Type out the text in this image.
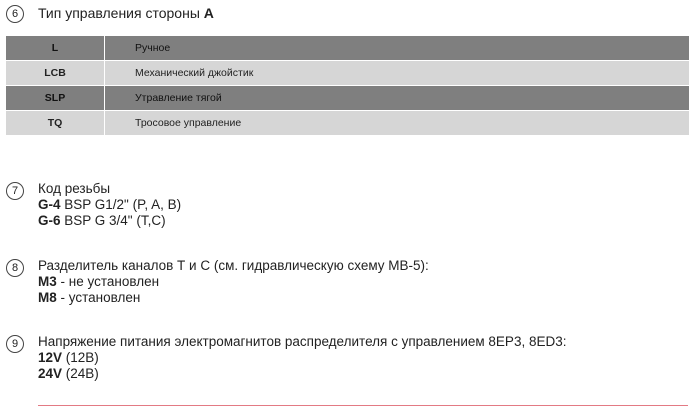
6	Тип управления стороны A
L	Ручное
LCB	Механический джойстик
SLP	Утравление тягой
TQ	Тросовое управление
7	Код резьбы
G-4 BSP G1/2" (P, A, B)
G-6 BSP G 3/4" (T,C)
8	Разделитель каналов Т и С (см. гидравлическую схему МВ-5):
M3 - не установлен
M8 - установлен
9	Напряжение питания электромагнитов распределителя с управлением 8EP3, 8ED3:
12V (12В)
24V (24В)
